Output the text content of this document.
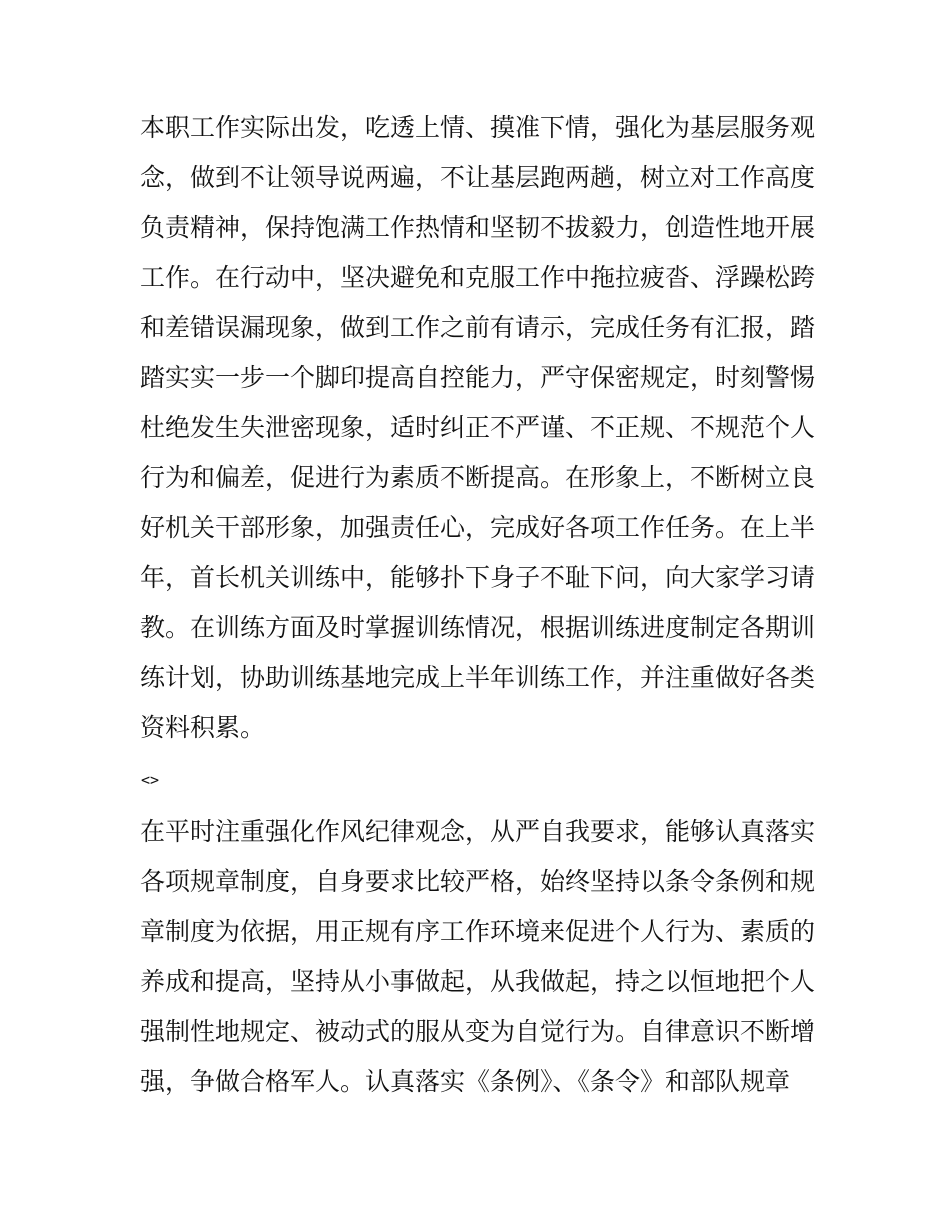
本职工作实际出发，吃透上情、摸准下情，强化为基层服务观
念，做到不让领导说两遍，不让基层跑两趟，树立对工作高度
负责精神，保持饱满工作热情和坚韧不拔毅力，创造性地开展
工作。在行动中，坚决避免和克服工作中拖拉疲沓、浮躁松跨
和差错误漏现象，做到工作之前有请示，完成任务有汇报，踏
踏实实一步一个脚印提高自控能力，严守保密规定，时刻警惕
杜绝发生失泄密现象，适时纠正不严谨、不正规、不规范个人
行为和偏差，促进行为素质不断提高。在形象上，不断树立良
好机关干部形象，加强责任心，完成好各项工作任务。在上半
年，首长机关训练中，能够扑下身子不耻下问，向大家学习请
教。在训练方面及时掌握训练情况，根据训练进度制定各期训
练计划，协助训练基地完成上半年训练工作，并注重做好各类
资料积累。
<>
在平时注重强化作风纪律观念，从严自我要求，能够认真落实
各项规章制度，自身要求比较严格，始终坚持以条令条例和规
章制度为依据，用正规有序工作环境来促进个人行为、素质的
养成和提高，坚持从小事做起，从我做起，持之以恒地把个人
强制性地规定、被动式的服从变为自觉行为。自律意识不断增
强，争做合格军人。认真落实《条例》、《条令》和部队规章
